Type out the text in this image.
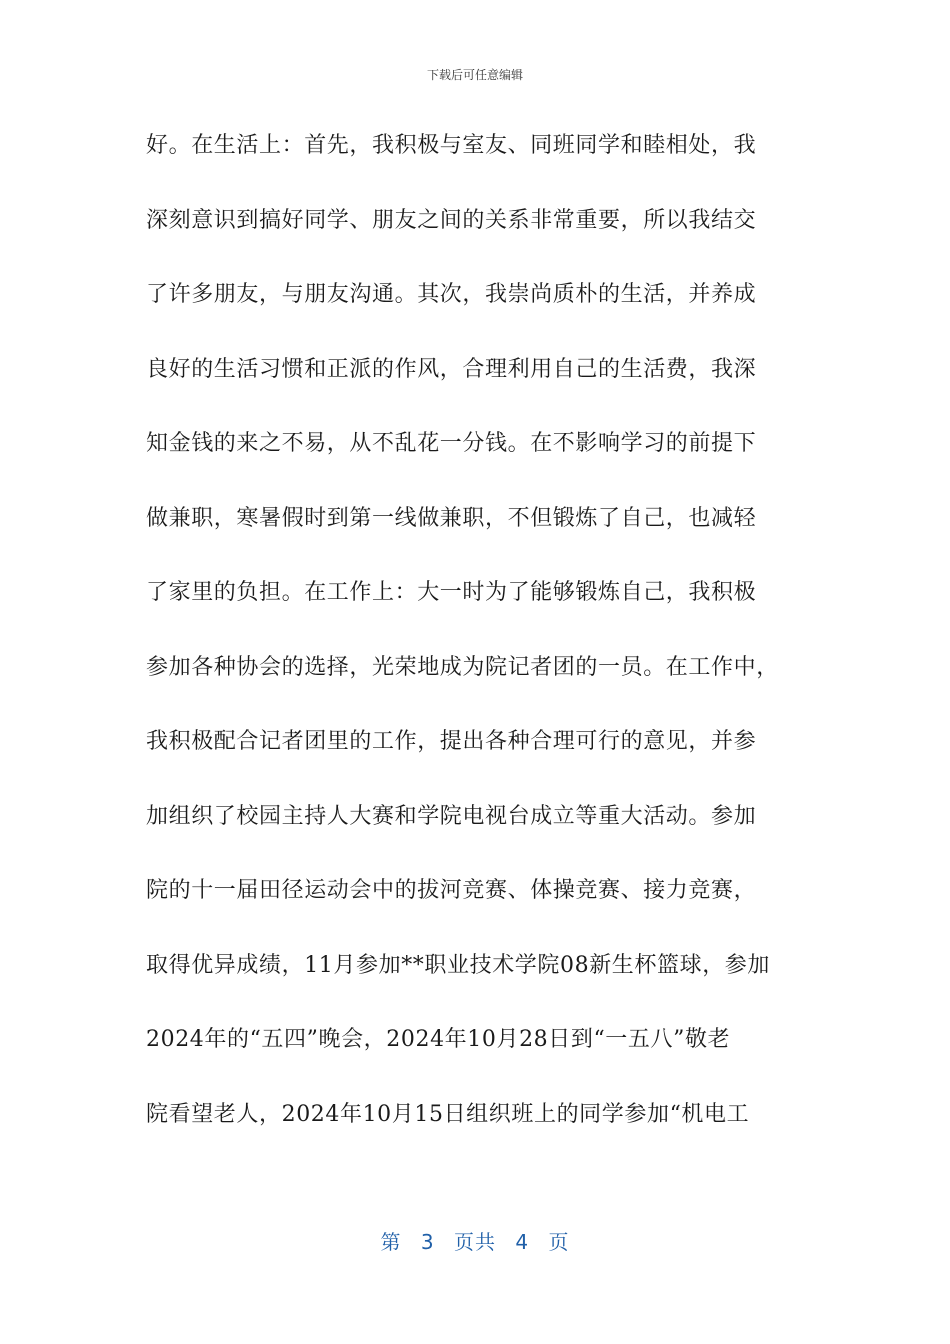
下载后可任意编辑
好。在生活上：首先，我积极与室友、同班同学和睦相处，我
深刻意识到搞好同学、朋友之间的关系非常重要，所以我结交
了许多朋友，与朋友沟通。其次，我崇尚质朴的生活，并养成
良好的生活习惯和正派的作风，合理利用自己的生活费，我深
知金钱的来之不易，从不乱花一分钱。在不影响学习的前提下
做兼职，寒暑假时到第一线做兼职，不但锻炼了自己，也减轻
了家里的负担。在工作上：大一时为了能够锻炼自己，我积极
参加各种协会的选择，光荣地成为院记者团的一员。在工作中，
我积极配合记者团里的工作，提出各种合理可行的意见，并参
加组织了校园主持人大赛和学院电视台成立等重大活动。参加
院的十一届田径运动会中的拔河竞赛、体操竞赛、接力竞赛，
取得优异成绩，11月参加**职业技术学院08新生杯篮球，参加
2024年的“五四”晚会，2024年10月28日到“一五八”敬老
院看望老人，2024年10月15日组织班上的同学参加“机电工
第 3 页共 4 页
